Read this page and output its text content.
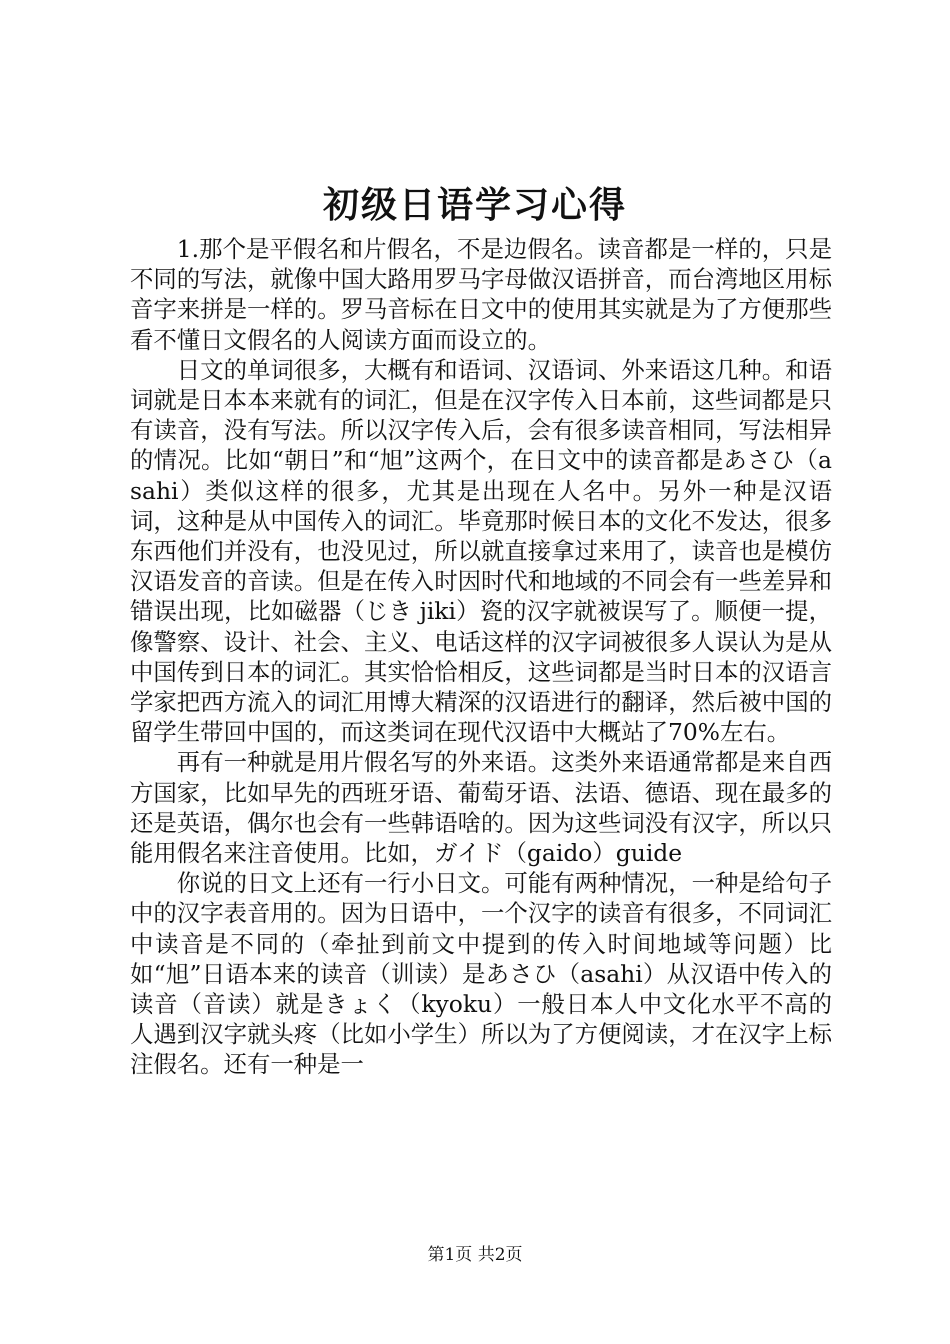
初级日语学习心得

1.那个是平假名和片假名，不是边假名。读音都是一样的，只是不同的写法，就像中国大路用罗马字母做汉语拼音，而台湾地区用标音字来拼是一样的。罗马音标在日文中的使用其实就是为了方便那些看不懂日文假名的人阅读方面而设立的。

日文的单词很多，大概有和语词、汉语词、外来语这几种。和语词就是日本本来就有的词汇，但是在汉字传入日本前，这些词都是只有读音，没有写法。所以汉字传入后，会有很多读音相同，写法相异的情况。比如“朝日”和“旭”这两个，在日文中的读音都是あさひ（asahi）类似这样的很多，尤其是出现在人名中。另外一种是汉语词，这种是从中国传入的词汇。毕竟那时候日本的文化不发达，很多东西他们并没有，也没见过，所以就直接拿过来用了，读音也是模仿汉语发音的音读。但是在传入时因时代和地域的不同会有一些差异和错误出现，比如磁器（じき jiki）瓷的汉字就被误写了。顺便一提，像警察、设计、社会、主义、电话这样的汉字词被很多人误认为是从中国传到日本的词汇。其实恰恰相反，这些词都是当时日本的汉语言学家把西方流入的词汇用博大精深的汉语进行的翻译，然后被中国的留学生带回中国的，而这类词在现代汉语中大概站了70%左右。

再有一种就是用片假名写的外来语。这类外来语通常都是来自西方国家，比如早先的西班牙语、葡萄牙语、法语、德语、现在最多的还是英语，偶尔也会有一些韩语啥的。因为这些词没有汉字，所以只能用假名来注音使用。比如，ガイド（gaido）guide

你说的日文上还有一行小日文。可能有两种情况，一种是给句子中的汉字表音用的。因为日语中，一个汉字的读音有很多，不同词汇中读音是不同的（牵扯到前文中提到的传入时间地域等问题）比如“旭”日语本来的读音（训读）是あさひ（asahi）从汉语中传入的读音（音读）就是きょく（kyoku）一般日本人中文化水平不高的人遇到汉字就头疼（比如小学生）所以为了方便阅读，才在汉字上标注假名。还有一种是一

第1页 共2页
